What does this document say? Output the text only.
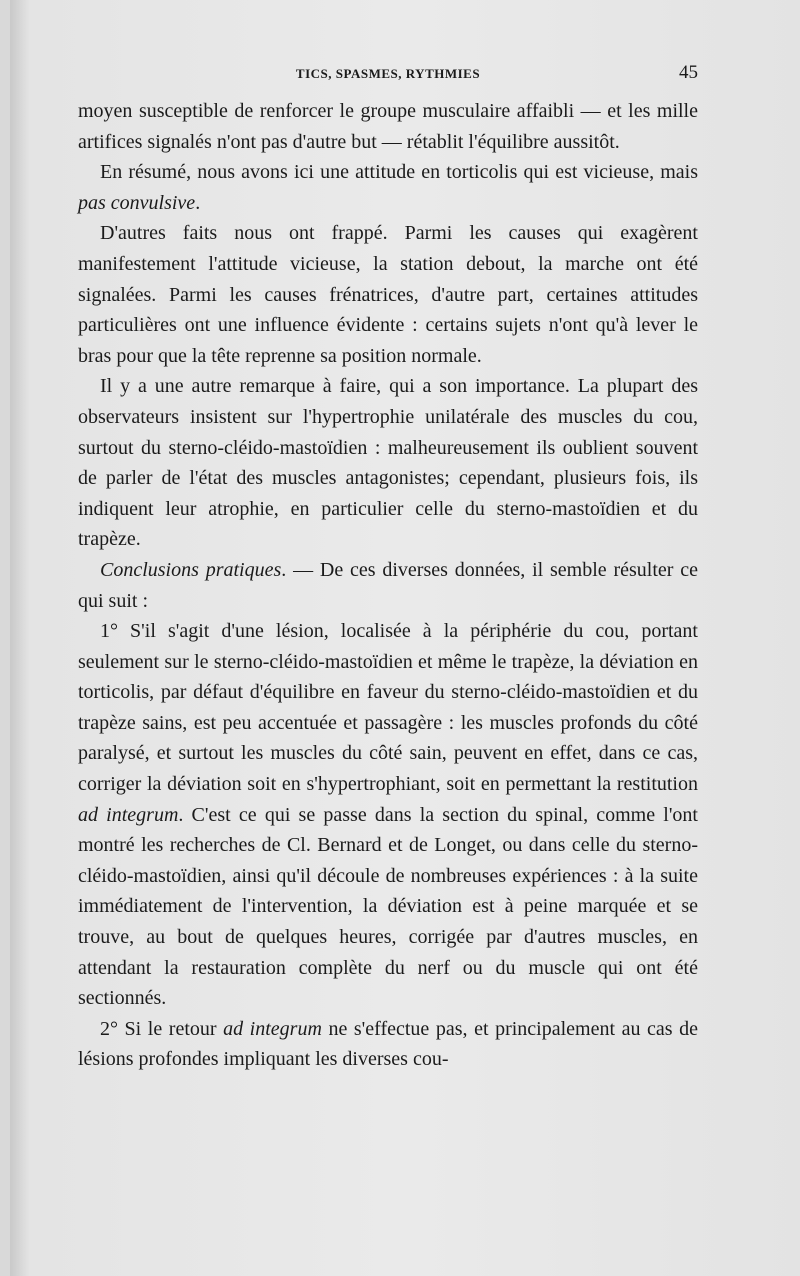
TICS, SPASMES, RYTHMIES	45

moyen susceptible de renforcer le groupe musculaire affaibli — et les mille artifices signalés n'ont pas d'autre but — rétablit l'équilibre aussitôt.

En résumé, nous avons ici une attitude en torticolis qui est vicieuse, mais pas convulsive.

D'autres faits nous ont frappé. Parmi les causes qui exagèrent manifestement l'attitude vicieuse, la station debout, la marche ont été signalées. Parmi les causes frénatrices, d'autre part, certaines attitudes particulières ont une influence évidente : certains sujets n'ont qu'à lever le bras pour que la tête reprenne sa position normale.

Il y a une autre remarque à faire, qui a son importance. La plupart des observateurs insistent sur l'hypertrophie unilatérale des muscles du cou, surtout du sterno-cléido-mastoïdien : malheureusement ils oublient souvent de parler de l'état des muscles antagonistes; cependant, plusieurs fois, ils indiquent leur atrophie, en particulier celle du sterno-mastoïdien et du trapèze.

Conclusions pratiques. — De ces diverses données, il semble résulter ce qui suit :

1° S'il s'agit d'une lésion, localisée à la périphérie du cou, portant seulement sur le sterno-cléido-mastoïdien et même le trapèze, la déviation en torticolis, par défaut d'équilibre en faveur du sterno-cléido-mastoïdien et du trapèze sains, est peu accentuée et passagère : les muscles profonds du côté paralysé, et surtout les muscles du côté sain, peuvent en effet, dans ce cas, corriger la déviation soit en s'hypertrophiant, soit en permettant la restitution ad integrum. C'est ce qui se passe dans la section du spinal, comme l'ont montré les recherches de Cl. Bernard et de Longet, ou dans celle du sterno-cléido-mastoïdien, ainsi qu'il découle de nombreuses expériences : à la suite immédiatement de l'intervention, la déviation est à peine marquée et se trouve, au bout de quelques heures, corrigée par d'autres muscles, en attendant la restauration complète du nerf ou du muscle qui ont été sectionnés.

2° Si le retour ad integrum ne s'effectue pas, et principalement au cas de lésions profondes impliquant les diverses cou-
